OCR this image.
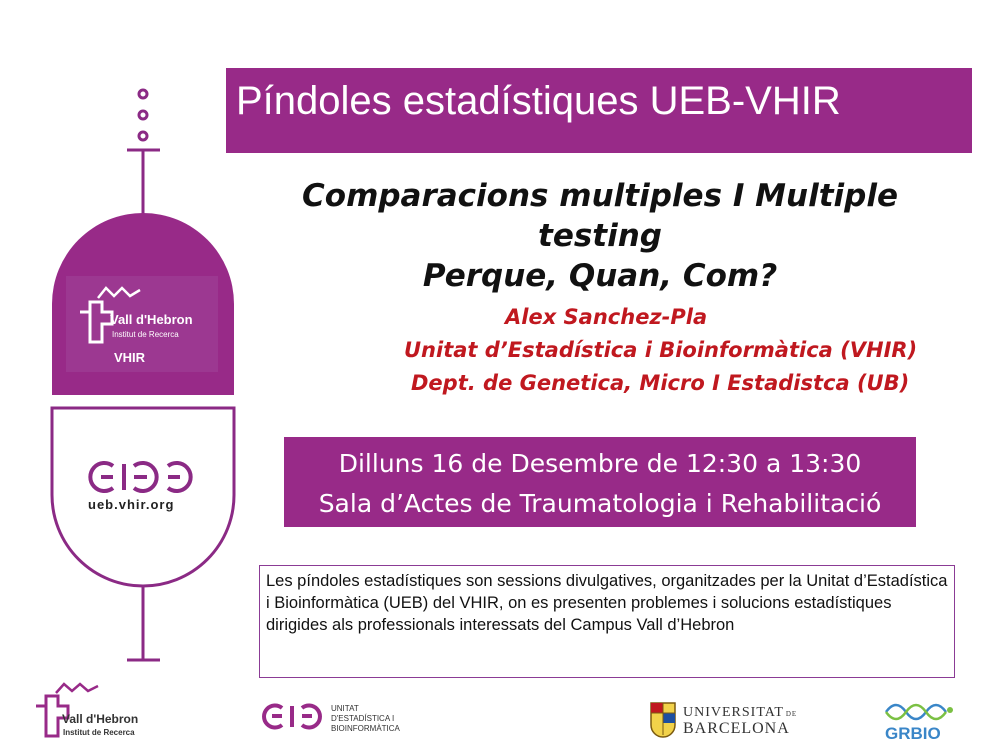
Píndoles estadístiques UEB-VHIR
Comparacions multiples I Multiple testing
Perque, Quan, Com?
Alex Sanchez-Pla
Unitat d’Estadística i Bioinformàtica (VHIR)
Dept. de Genetica, Micro I Estadistca (UB)
Dilluns 16 de Desembre de 12:30 a 13:30
Sala d’Actes de Traumatologia i Rehabilitació
Les píndoles estadístiques son sessions divulgatives, organitzades per la Unitat d’Estadística i Bioinformàtica (UEB) del VHIR, on es presenten problemes i solucions estadístiques dirigides als professionals interessats del Campus Vall d’Hebron
Vall d'Hebron
Institut de Recerca
VHIR
ueb.vhir.org
Vall d'Hebron
Institut de Recerca
UNITAT
D'ESTADÍSTICA I
BIOINFORMÀTICA
UNIVERSITAT DE
BARCELONA	GRBIO
